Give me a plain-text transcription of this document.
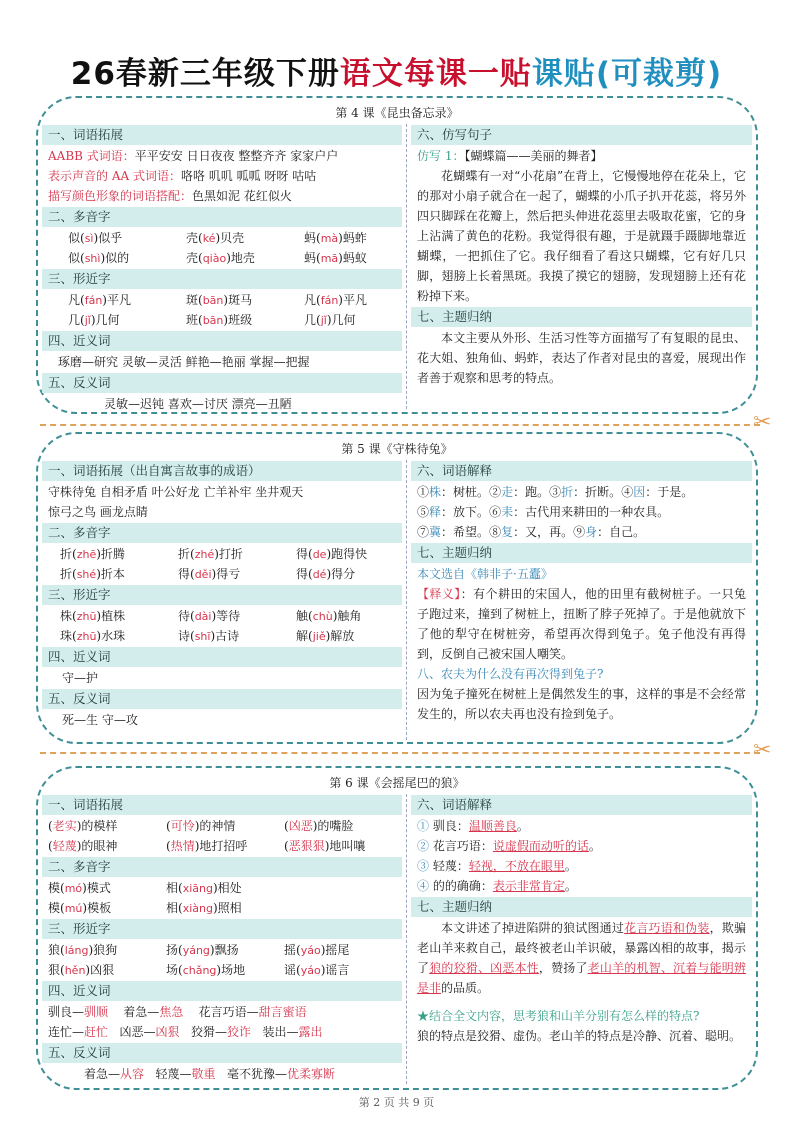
26春新三年级下册语文每课一贴课贴(可裁剪)
第 4 课《昆虫备忘录》
一、词语拓展
AABB 式词语：平平安安 日日夜夜 整整齐齐 家家户户
表示声音的 AA 式词语：咯咯 叽叽 呱呱 呀呀 咕咕
描写颜色形象的词语搭配：色黑如泥 花红似火
二、多音字
似(sì)似乎	壳(ké)贝壳	蚂(mà)蚂蚱
似(shì)似的	壳(qiào)地壳	蚂(mā)蚂蚁
三、形近字
凡(fán)平凡	斑(bān)斑马	凡(fán)平凡
几(jǐ)几何	班(bān)班级	几(jǐ)几何
四、近义词
琢磨—研究 灵敏—灵活 鲜艳—艳丽 掌握—把握
五、反义词
灵敏—迟钝 喜欢—讨厌 漂亮—丑陋
六、仿写句子
仿写 1：【蝴蝶篇——美丽的舞者】
花蝴蝶有一对“小花扇”在背上，它慢慢地停在花朵上，它的那对小扇子就合在一起了，蝴蝶的小爪子扒开花蕊，将另外四只脚踩在花瓣上，然后把头伸进花蕊里去吸取花蜜，它的身上沾满了黄色的花粉。我觉得很有趣，于是就蹑手蹑脚地靠近蝴蝶，一把抓住了它。我仔细看了看这只蝴蝶，它有好几只脚，翅膀上长着黑斑。我摸了摸它的翅膀，发现翅膀上还有花粉掉下来。
七、主题归纳
本文主要从外形、生活习性等方面描写了有复眼的昆虫、花大姐、独角仙、蚂蚱，表达了作者对昆虫的喜爱，展现出作者善于观察和思考的特点。
✂
第 5 课《守株待兔》
一、词语拓展（出自寓言故事的成语）
守株待兔 自相矛盾 叶公好龙 亡羊补牢 坐井观天
惊弓之鸟 画龙点睛
二、多音字
折(zhē)折腾	折(zhé)打折	得(de)跑得快
折(shé)折本	得(děi)得亏	得(dé)得分
三、形近字
株(zhū)植株	待(dài)等待	触(chù)触角
珠(zhū)水珠	诗(shī)古诗	解(jiě)解放
四、近义词
守—护
五、反义词
死—生 守—攻
六、词语解释
①株：树桩。②走：跑。③折：折断。④因：于是。
⑤释：放下。⑥耒：古代用来耕田的一种农具。
⑦冀：希望。⑧复：又，再。⑨身：自己。
七、主题归纳
本文选自《韩非子·五蠹》
【释义】：有个耕田的宋国人，他的田里有截树桩子。一只兔子跑过来，撞到了树桩上，扭断了脖子死掉了。于是他就放下了他的犁守在树桩旁，希望再次得到兔子。兔子他没有再得到，反倒自己被宋国人嘲笑。
八、农夫为什么没有再次得到兔子?
因为兔子撞死在树桩上是偶然发生的事，这样的事是不会经常发生的，所以农夫再也没有捡到兔子。
✂
第 6 课《会摇尾巴的狼》
一、词语拓展
(老实)的模样	(可怜)的神情	(凶恶)的嘴脸
(轻蔑)的眼神	(热情)地打招呼	(恶狠狠)地叫嚷
二、多音字
模(mó)模式	相(xiāng)相处
模(mú)模板	相(xiàng)照相
三、形近字
狼(láng)狼狗	扬(yáng)飘扬	摇(yáo)摇尾
狠(hěn)凶狠	场(chǎng)场地	谣(yáo)谣言
四、近义词
驯良—驯顺 着急—焦急 花言巧语—甜言蜜语
连忙—赶忙 凶恶—凶狠 狡猾—狡诈 装出—露出
五、反义词
着急—从容 轻蔑—敬重 毫不犹豫—优柔寡断
六、词语解释
① 驯良：温顺善良。
② 花言巧语：说虚假而动听的话。
③ 轻蔑：轻视，不放在眼里。
④ 的的确确：表示非常肯定。
七、主题归纳
本文讲述了掉进陷阱的狼试图通过花言巧语和伪装，欺骗老山羊来救自己，最终被老山羊识破，暴露凶相的故事，揭示了狼的狡猾、凶恶本性，赞扬了老山羊的机智、沉着与能明辨是非的品质。
★结合全文内容，思考狼和山羊分别有怎么样的特点?
狼的特点是狡猾、虚伪。老山羊的特点是冷静、沉着、聪明。
第 2 页 共 9 页
